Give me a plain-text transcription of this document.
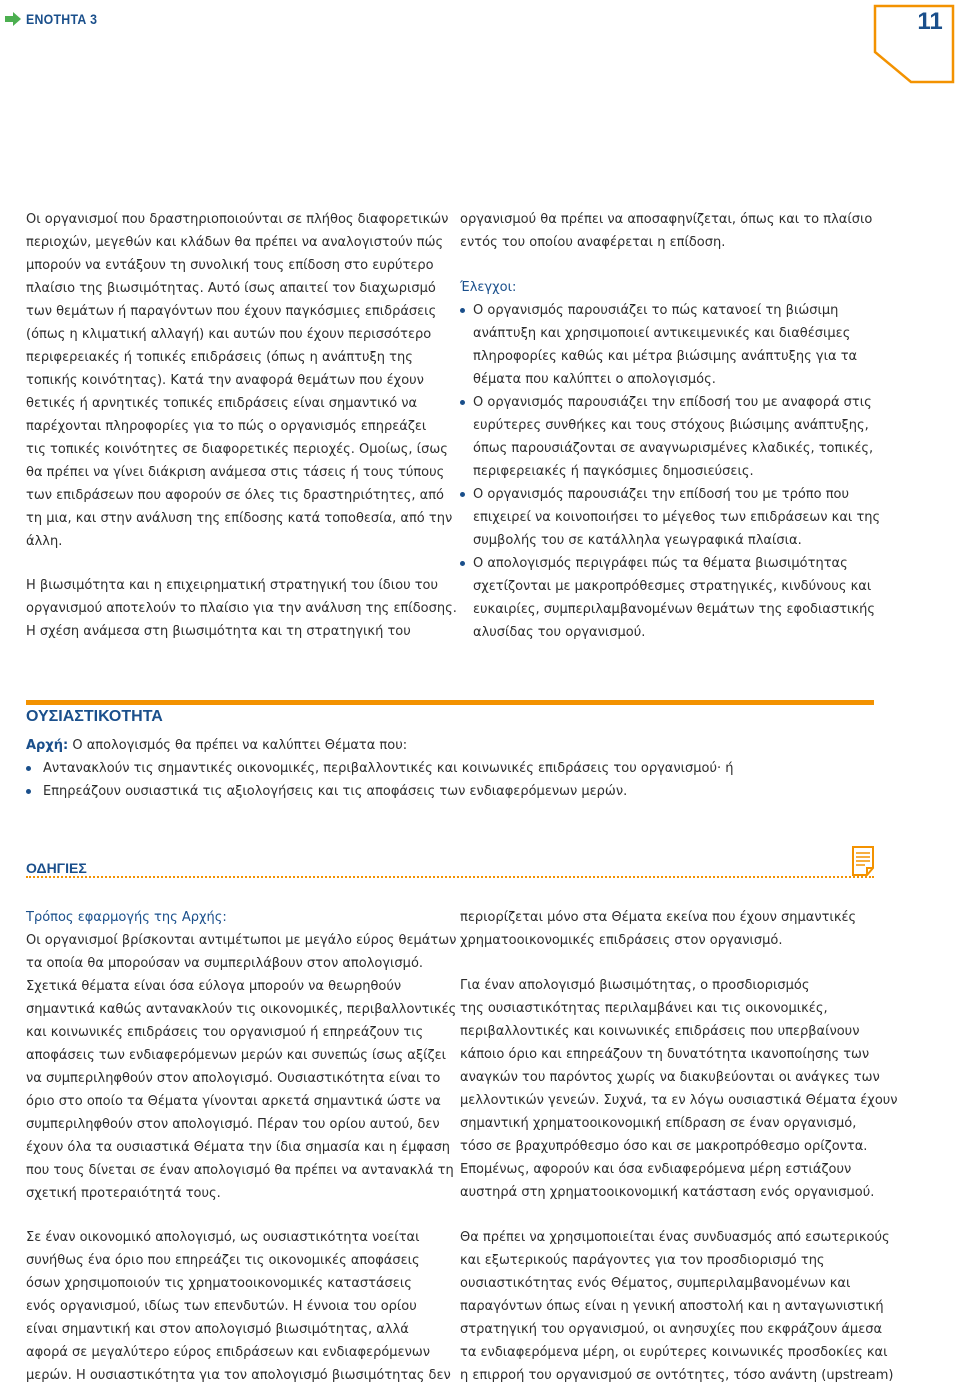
ΕΝΟΤΗΤΑ 3	11
Οι οργανισμοί που δραστηριοποιούνται σε πλήθος διαφορετικών
περιοχών, μεγεθών και κλάδων θα πρέπει να αναλογιστούν πώς
μπορούν να εντάξουν τη συνολική τους επίδοση στο ευρύτερο
πλαίσιο της βιωσιμότητας. Αυτό ίσως απαιτεί τον διαχωρισμό
των θεμάτων ή παραγόντων που έχουν παγκόσμιες επιδράσεις
(όπως η κλιματική αλλαγή) και αυτών που έχουν περισσότερο
περιφερειακές ή τοπικές επιδράσεις (όπως η ανάπτυξη της
τοπικής κοινότητας). Κατά την αναφορά θεμάτων που έχουν
θετικές ή αρνητικές τοπικές επιδράσεις είναι σημαντικό να
παρέχονται πληροφορίες για το πώς ο οργανισμός επηρεάζει
τις τοπικές κοινότητες σε διαφορετικές περιοχές. Ομοίως, ίσως
θα πρέπει να γίνει διάκριση ανάμεσα στις τάσεις ή τους τύπους
των επιδράσεων που αφορούν σε όλες τις δραστηριότητες, από
τη μια, και στην ανάλυση της επίδοσης κατά τοποθεσία, από την
άλλη.
Η βιωσιμότητα και η επιχειρηματική στρατηγική του ίδιου του
οργανισμού αποτελούν το πλαίσιο για την ανάλυση της επίδοσης.
Η σχέση ανάμεσα στη βιωσιμότητα και τη στρατηγική του
οργανισμού θα πρέπει να αποσαφηνίζεται, όπως και το πλαίσιο
εντός του οποίου αναφέρεται η επίδοση.
Έλεγχοι:
Ο οργανισμός παρουσιάζει το πώς κατανοεί τη βιώσιμη
ανάπτυξη και χρησιμοποιεί αντικειμενικές και διαθέσιμες
πληροφορίες καθώς και μέτρα βιώσιμης ανάπτυξης για τα
θέματα που καλύπτει ο απολογισμός.
Ο οργανισμός παρουσιάζει την επίδοσή του με αναφορά στις
ευρύτερες συνθήκες και τους στόχους βιώσιμης ανάπτυξης,
όπως παρουσιάζονται σε αναγνωρισμένες κλαδικές, τοπικές,
περιφερειακές ή παγκόσμιες δημοσιεύσεις.
Ο οργανισμός παρουσιάζει την επίδοσή του με τρόπο που
επιχειρεί να κοινοποιήσει το μέγεθος των επιδράσεων και της
συμβολής του σε κατάλληλα γεωγραφικά πλαίσια.
Ο απολογισμός περιγράφει πώς τα θέματα βιωσιμότητας
σχετίζονται με μακροπρόθεσμες στρατηγικές, κινδύνους και
ευκαιρίες, συμπεριλαμβανομένων θεμάτων της εφοδιαστικής
αλυσίδας του οργανισμού.
ΟΥΣΙΑΣΤΙΚΟΤΗΤΑ
Αρχή: Ο απολογισμός θα πρέπει να καλύπτει Θέματα που:
Αντανακλούν τις σημαντικές οικονομικές, περιβαλλοντικές και κοινωνικές επιδράσεις του οργανισμού· ή
Επηρεάζουν ουσιαστικά τις αξιολογήσεις και τις αποφάσεις των ενδιαφερόμενων μερών.
ΟΔΗΓΙΕΣ
Τρόπος εφαρμογής της Αρχής:
Οι οργανισμοί βρίσκονται αντιμέτωποι με μεγάλο εύρος θεμάτων
τα οποία θα μπορούσαν να συμπεριλάβουν στον απολογισμό.
Σχετικά θέματα είναι όσα εύλογα μπορούν να θεωρηθούν
σημαντικά καθώς αντανακλούν τις οικονομικές, περιβαλλοντικές
και κοινωνικές επιδράσεις του οργανισμού ή επηρεάζουν τις
αποφάσεις των ενδιαφερόμενων μερών και συνεπώς ίσως αξίζει
να συμπεριληφθούν στον απολογισμό. Ουσιαστικότητα είναι το
όριο στο οποίο τα Θέματα γίνονται αρκετά σημαντικά ώστε να
συμπεριληφθούν στον απολογισμό. Πέραν του ορίου αυτού, δεν
έχουν όλα τα ουσιαστικά Θέματα την ίδια σημασία και η έμφαση
που τους δίνεται σε έναν απολογισμό θα πρέπει να αντανακλά τη
σχετική προτεραιότητά τους.
Σε έναν οικονομικό απολογισμό, ως ουσιαστικότητα νοείται
συνήθως ένα όριο που επηρεάζει τις οικονομικές αποφάσεις
όσων χρησιμοποιούν τις χρηματοοικονομικές καταστάσεις
ενός οργανισμού, ιδίως των επενδυτών. Η έννοια του ορίου
είναι σημαντική και στον απολογισμό βιωσιμότητας, αλλά
αφορά σε μεγαλύτερο εύρος επιδράσεων και ενδιαφερόμενων
μερών. Η ουσιαστικότητα για τον απολογισμό βιωσιμότητας δεν
περιορίζεται μόνο στα Θέματα εκείνα που έχουν σημαντικές
χρηματοοικονομικές επιδράσεις στον οργανισμό.
Για έναν απολογισμό βιωσιμότητας, ο προσδιορισμός
της ουσιαστικότητας περιλαμβάνει και τις οικονομικές,
περιβαλλοντικές και κοινωνικές επιδράσεις που υπερβαίνουν
κάποιο όριο και επηρεάζουν τη δυνατότητα ικανοποίησης των
αναγκών του παρόντος χωρίς να διακυβεύονται οι ανάγκες των
μελλοντικών γενεών. Συχνά, τα εν λόγω ουσιαστικά Θέματα έχουν
σημαντική χρηματοοικονομική επίδραση σε έναν οργανισμό,
τόσο σε βραχυπρόθεσμο όσο και σε μακροπρόθεσμο ορίζοντα.
Επομένως, αφορούν και όσα ενδιαφερόμενα μέρη εστιάζουν
αυστηρά στη χρηματοοικονομική κατάσταση ενός οργανισμού.
Θα πρέπει να χρησιμοποιείται ένας συνδυασμός από εσωτερικούς
και εξωτερικούς παράγοντες για τον προσδιορισμό της
ουσιαστικότητας ενός Θέματος, συμπεριλαμβανομένων και
παραγόντων όπως είναι η γενική αποστολή και η ανταγωνιστική
στρατηγική του οργανισμού, οι ανησυχίες που εκφράζουν άμεσα
τα ενδιαφερόμενα μέρη, οι ευρύτερες κοινωνικές προσδοκίες και
η επιρροή του οργανισμού σε οντότητες, τόσο ανάντη (upstream)
